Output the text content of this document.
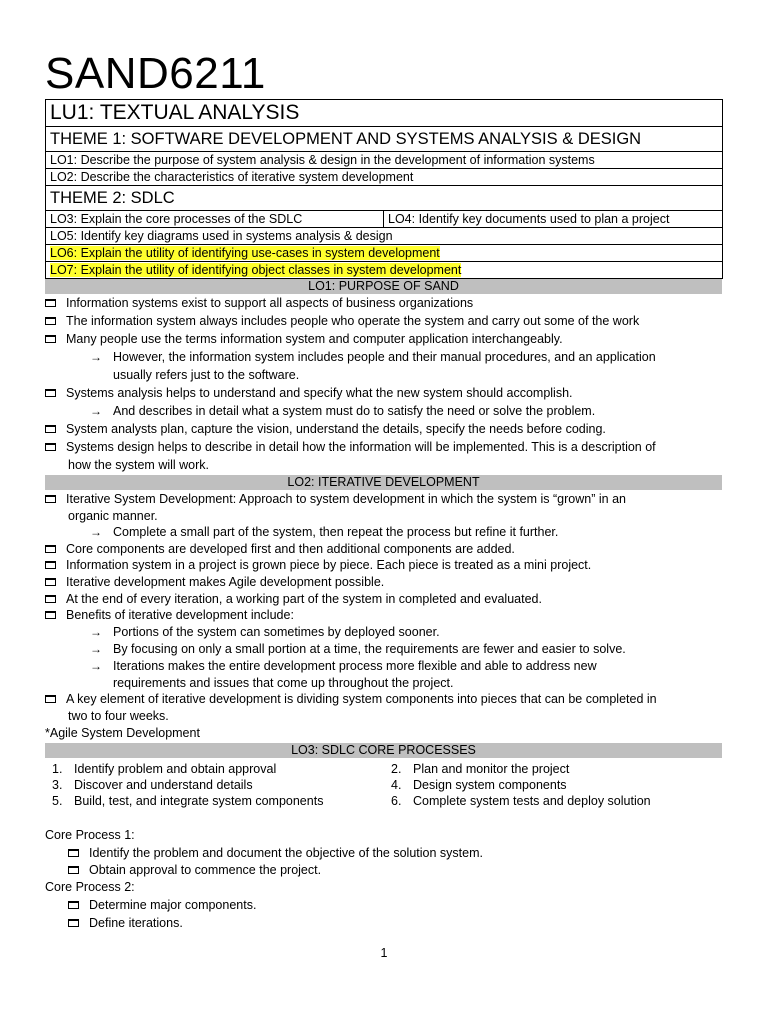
SAND6211
LU1: TEXTUAL ANALYSIS
THEME 1: SOFTWARE DEVELOPMENT AND SYSTEMS ANALYSIS & DESIGN
LO1: Describe the purpose of system analysis & design in the development of information systems
LO2: Describe the characteristics of iterative system development
THEME 2: SDLC
LO3: Explain the core processes of the SDLC	LO4: Identify key documents used to plan a project
LO5: Identify key diagrams used in systems analysis & design
LO6: Explain the utility of identifying use-cases in system development
LO7: Explain the utility of identifying object classes in system development
LO1: PURPOSE OF SAND
Information systems exist to support all aspects of business organizations
The information system always includes people who operate the system and carry out some of the work
Many people use the terms information system and computer application interchangeably.
→ However, the information system includes people and their manual procedures, and an application
usually refers just to the software.
Systems analysis helps to understand and specify what the new system should accomplish.
→ And describes in detail what a system must do to satisfy the need or solve the problem.
System analysts plan, capture the vision, understand the details, specify the needs before coding.
Systems design helps to describe in detail how the information will be implemented. This is a description of
how the system will work.
LO2: ITERATIVE DEVELOPMENT
Iterative System Development: Approach to system development in which the system is “grown” in an
organic manner.
→ Complete a small part of the system, then repeat the process but refine it further.
Core components are developed first and then additional components are added.
Information system in a project is grown piece by piece. Each piece is treated as a mini project.
Iterative development makes Agile development possible.
At the end of every iteration, a working part of the system in completed and evaluated.
Benefits of iterative development include:
→ Portions of the system can sometimes by deployed sooner.
→ By focusing on only a small portion at a time, the requirements are fewer and easier to solve.
→ Iterations makes the entire development process more flexible and able to address new
requirements and issues that come up throughout the project.
A key element of iterative development is dividing system components into pieces that can be completed in
two to four weeks.
*Agile System Development
LO3: SDLC CORE PROCESSES
1. Identify problem and obtain approval	2. Plan and monitor the project
3. Discover and understand details	4. Design system components
5. Build, test, and integrate system components	6. Complete system tests and deploy solution
Core Process 1:
Identify the problem and document the objective of the solution system.
Obtain approval to commence the project.
Core Process 2:
Determine major components.
Define iterations.
1
